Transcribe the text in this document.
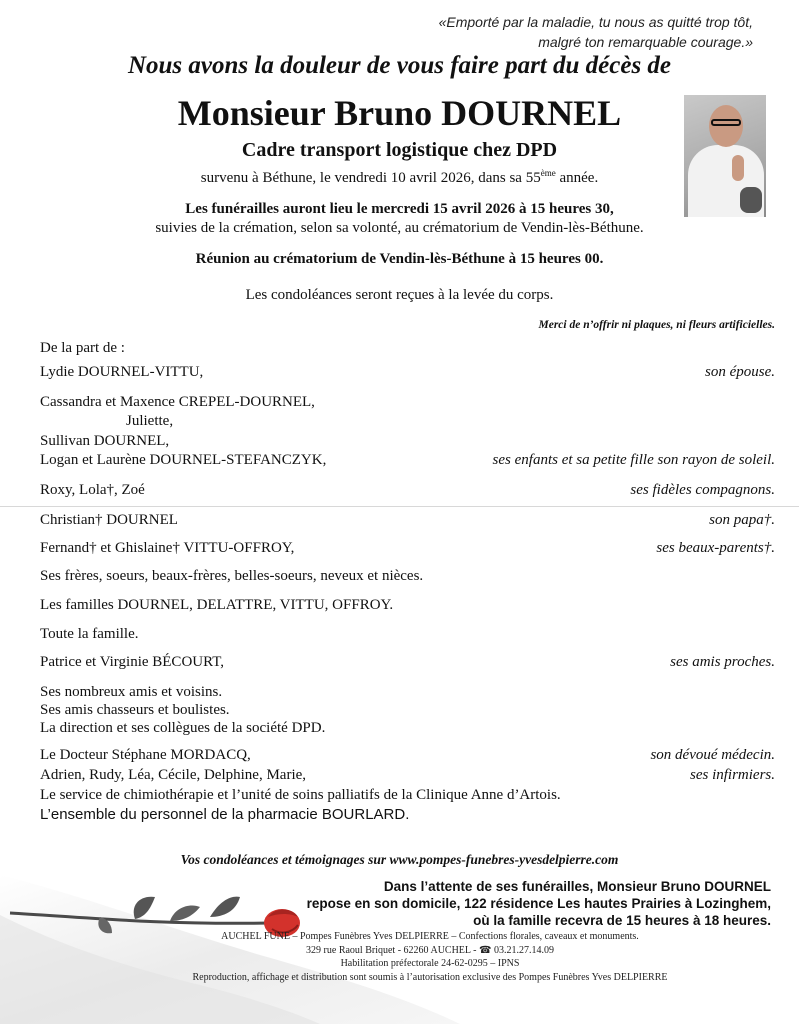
«Emporté par la maladie, tu nous as quitté trop tôt,
malgré ton remarquable courage.»
Nous avons la douleur de vous faire part du décès de
Monsieur Bruno DOURNEL
Cadre transport logistique chez DPD
survenu à Béthune, le vendredi 10 avril 2026, dans sa 55ème année.
Les funérailles auront lieu le mercredi 15 avril 2026 à 15 heures 30,
suivies de la crémation, selon sa volonté, au crématorium de Vendin-lès-Béthune.
Réunion au crématorium de Vendin-lès-Béthune à 15 heures 00.
Les condoléances seront reçues à la levée du corps.
Merci de n’offrir ni plaques, ni fleurs artificielles.
De la part de :
Lydie DOURNEL-VITTU,	son épouse.
Cassandra et Maxence CREPEL-DOURNEL,
Juliette,
Sullivan DOURNEL,
Logan et Laurène DOURNEL-STEFANCZYK,	ses enfants et sa petite fille son rayon de soleil.
Roxy, Lola†, Zoé	ses fidèles compagnons.
Christian† DOURNEL	son papa†.
Fernand† et Ghislaine† VITTU-OFFROY,	ses beaux-parents†.
Ses frères, soeurs, beaux-frères, belles-soeurs, neveux et nièces.
Les familles DOURNEL, DELATTRE, VITTU, OFFROY.
Toute la famille.
Patrice et Virginie BÉCOURT,	ses amis proches.
Ses nombreux amis et voisins.
Ses amis chasseurs et boulistes.
La direction et ses collègues de la société DPD.
Le Docteur Stéphane MORDACQ,	son dévoué médecin.
Adrien, Rudy, Léa, Cécile, Delphine, Marie,	ses infirmiers.
Le service de chimiothérapie et l’unité de soins palliatifs de la Clinique Anne d’Artois.
L’ensemble du personnel de la pharmacie BOURLARD.
Vos condoléances et témoignages sur www.pompes-funebres-yvesdelpierre.com
Dans l’attente de ses funérailles, Monsieur Bruno DOURNEL
repose en son domicile, 122 résidence Les hautes Prairies à Lozinghem,
où la famille recevra de 15 heures à 18 heures.
AUCHEL FUNE – Pompes Funèbres Yves DELPIERRE – Confections florales, caveaux et monuments.
329 rue Raoul Briquet - 62260 AUCHEL - ☎ 03.21.27.14.09
Habilitation préfectorale 24-62-0295 – IPNS
Reproduction, affichage et distribution sont soumis à l’autorisation exclusive des Pompes Funèbres Yves DELPIERRE
